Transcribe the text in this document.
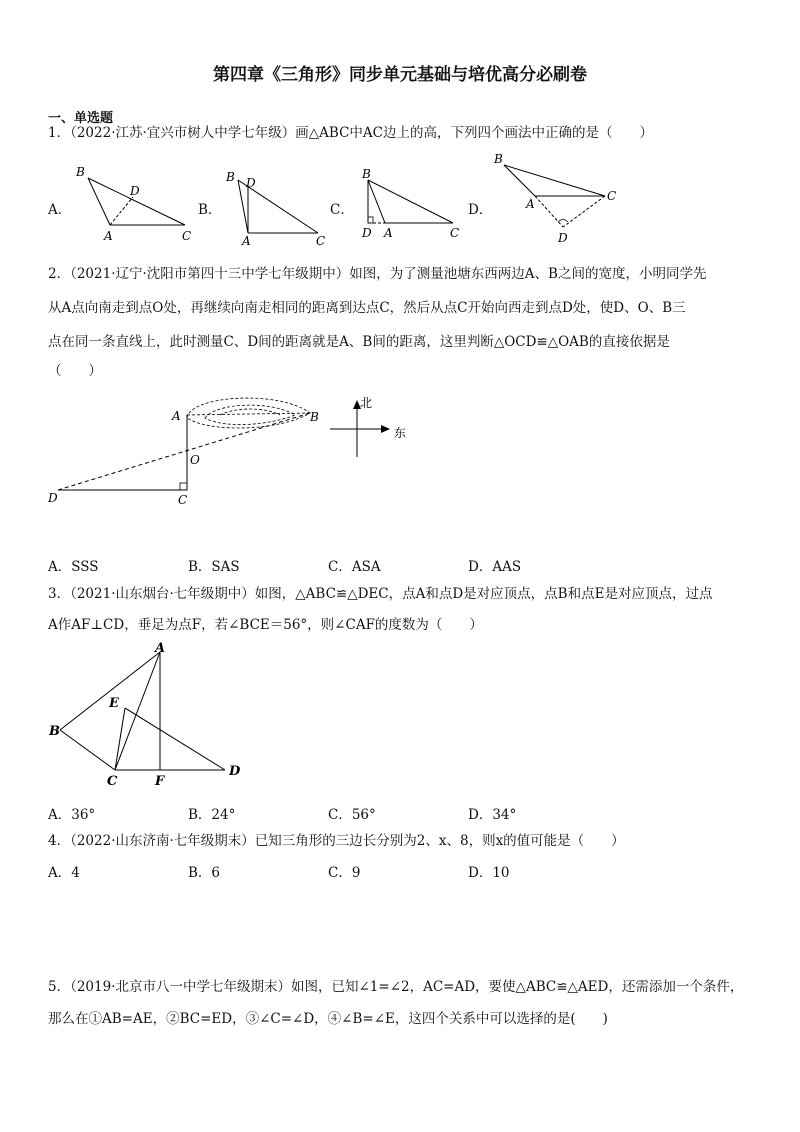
第四章《三角形》同步单元基础与培优高分必刷卷
一、单选题
1．（2022·江苏·宜兴市树人中学七年级）画△ABC中AC边上的高，下列四个画法中正确的是（　　）
A．
B
D
A	C
B．
B D
A	C
C．
B
D A	C
D．
B
A
C
D
2．（2021·辽宁·沈阳市第四十三中学七年级期中）如图，为了测量池塘东西两边A、B之间的宽度，小明同学先
从A点向南走到点O处，再继续向南走相同的距离到达点C，然后从点C开始向西走到点D处，使D、O、B三
点在同一条直线上，此时测量C、D间的距离就是A、B间的距离，这里判断△OCD≌△OAB的直接依据是
（　　）
A	B
O
D	C
北
东
A．SSS	B．SAS	C．ASA	D．AAS
3．（2021·山东烟台·七年级期中）如图，△ABC≌△DEC，点A和点D是对应顶点，点B和点E是对应顶点，过点
A作AF⊥CD，垂足为点F，若∠BCE＝56°，则∠CAF的度数为（　　）
A
E
B
C	F
D
A．36°	B．24°	C．56°	D．34°
4．（2022·山东济南·七年级期末）已知三角形的三边长分别为2、x、8，则x的值可能是（　　）
A．4	B．6	C．9	D．10
5．（2019·北京市八一中学七年级期末）如图，已知∠1=∠2，AC=AD，要使△ABC≌△AED，还需添加一个条件，
那么在①AB=AE，②BC=ED，③∠C=∠D，④∠B=∠E，这四个关系中可以选择的是(　　)
